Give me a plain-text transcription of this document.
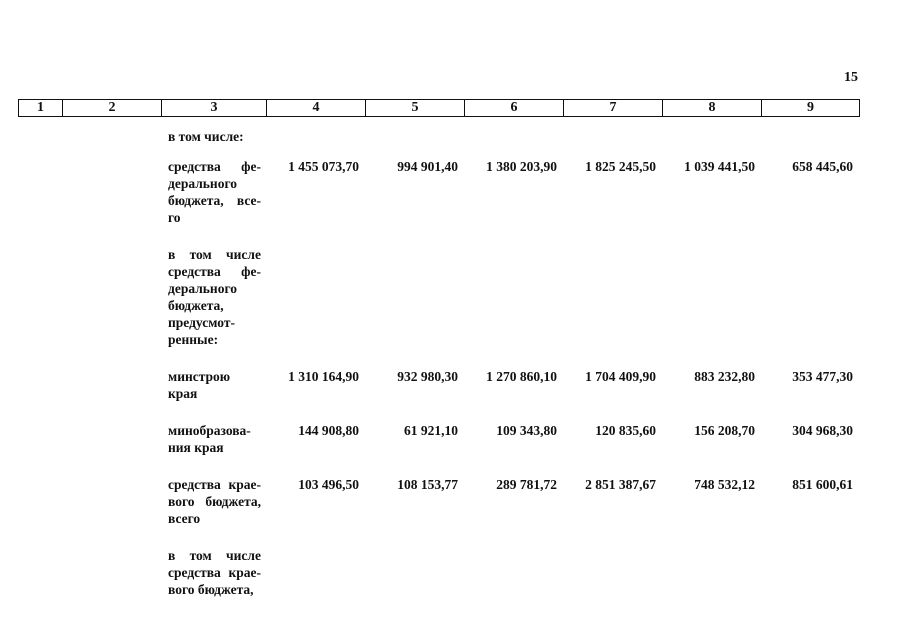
15
1	2	3	4	5	6	7	8	9
		в том числе:						
		средства фе-дерального бюджета, все-го	1 455 073,70	994 901,40	1 380 203,90	1 825 245,50	1 039 441,50	658 445,60
		в том числе средства фе-дерального бюджета, предусмот-ренные:						
		минстрою края	1 310 164,90	932 980,30	1 270 860,10	1 704 409,90	883 232,80	353 477,30
		минобразова-ния края	144 908,80	61 921,10	109 343,80	120 835,60	156 208,70	304 968,30
		средства крае-вого бюджета, всего	103 496,50	108 153,77	289 781,72	2 851 387,67	748 532,12	851 600,61
		в том числе средства крае-вого бюджета,						
